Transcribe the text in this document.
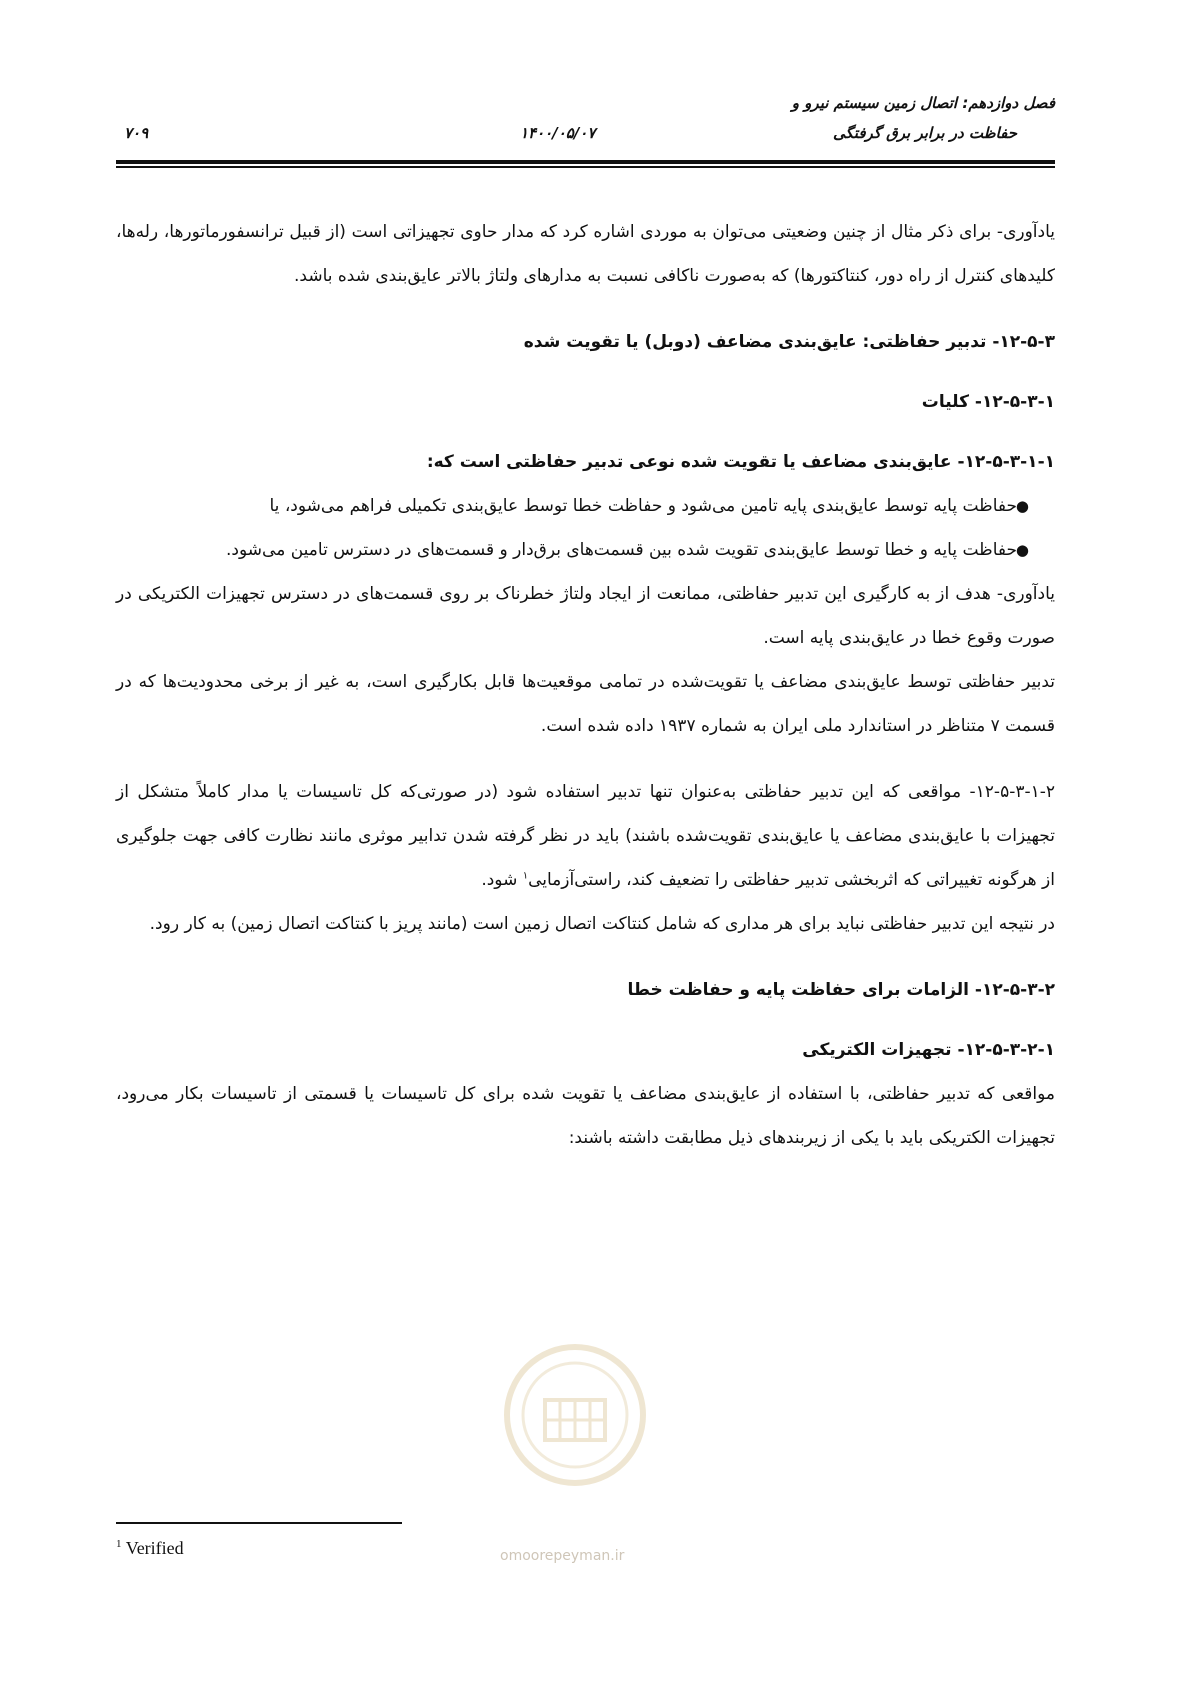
فصل دوازدهم: اتصال زمین سیستم نیرو و
حفاظت در برابر برق گرفتگی
۱۴۰۰/۰۵/۰۷
۷۰۹

یادآوری- برای ذکر مثال از چنین وضعیتی می‌توان به موردی اشاره کرد که مدار حاوی تجهیزاتی است (از قبیل ترانسفورماتورها، رله‌ها، کلیدهای کنترل از راه دور، کنتاکتورها) که به‌صورت ناکافی نسبت به مدارهای ولتاژ بالاتر عایق‌بندی شده باشد.

۱۲-۵-۳- تدبیر حفاظتی: عایق‌بندی مضاعف (دوبل) یا تقویت شده

۱۲-۵-۳-۱- کلیات

۱۲-۵-۳-۱-۱- عایق‌بندی مضاعف یا تقویت شده نوعی تدبیر حفاظتی است که:

●
حفاظت پایه توسط عایق‌بندی پایه تامین می‌شود و حفاظت خطا توسط عایق‌بندی تکمیلی فراهم می‌شود، یا
●
حفاظت پایه و خطا توسط عایق‌بندی تقویت شده بین قسمت‌های برق‌دار و قسمت‌های در دسترس تامین می‌شود.

یادآوری- هدف از به کارگیری این تدبیر حفاظتی، ممانعت از ایجاد ولتاژ خطرناک بر روی قسمت‌های در دسترس تجهیزات الکتریکی در صورت وقوع خطا در عایق‌بندی پایه است.

تدبیر حفاظتی توسط عایق‌بندی مضاعف یا تقویت‌شده در تمامی موقعیت‌ها قابل بکارگیری است، به غیر از برخی محدودیت‌ها که در قسمت ۷ متناظر در استاندارد ملی ایران به شماره ۱۹۳۷ داده شده است.

۱۲-۵-۳-۱-۲- مواقعی که این تدبیر حفاظتی به‌عنوان تنها تدبیر استفاده شود (در صورتی‌که کل تاسیسات یا مدار کاملاً متشکل از تجهیزات با عایق‌بندی مضاعف یا عایق‌بندی تقویت‌شده باشند) باید در نظر گرفته شدن تدابیر موثری مانند نظارت کافی جهت جلوگیری از هرگونه تغییراتی که اثربخشی تدبیر حفاظتی را تضعیف کند، راستی‌آزمایی$^۱$ شود.

در نتیجه این تدبیر حفاظتی نباید برای هر مداری که شامل کنتاکت اتصال زمین است (مانند پریز با کنتاکت اتصال زمین) به کار رود.

۱۲-۵-۳-۲- الزامات برای حفاظت پایه و حفاظت خطا

۱۲-۵-۳-۲-۱- تجهیزات الکتریکی

مواقعی که تدبیر حفاظتی، با استفاده از عایق‌بندی مضاعف یا تقویت شده برای کل تاسیسات یا قسمتی از تاسیسات بکار می‌رود، تجهیزات الکتریکی باید با یکی از زیربندهای ذیل مطابقت داشته باشند:

omoorepeyman.ir
$^1$ Verified
